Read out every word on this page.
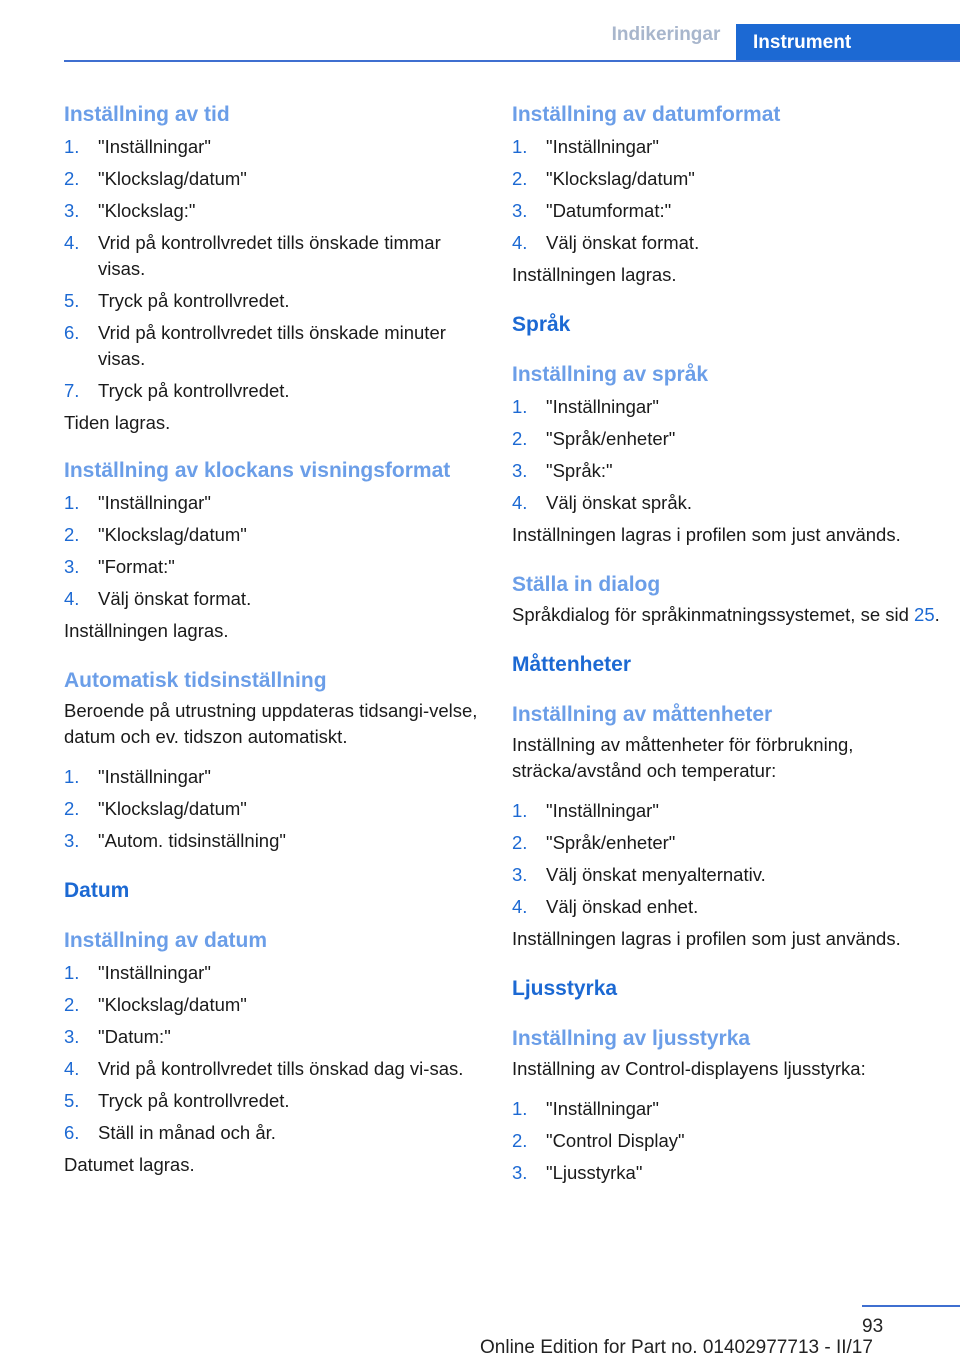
Indikeringar	Instrument
Inställning av tid
1.	"Inställningar"
2.	"Klockslag/datum"
3.	"Klockslag:"
4.	Vrid på kontrollvredet tills önskade timmar visas.
5.	Tryck på kontrollvredet.
6.	Vrid på kontrollvredet tills önskade minuter visas.
7.	Tryck på kontrollvredet.
Tiden lagras.
Inställning av klockans visningsformat
1.	"Inställningar"
2.	"Klockslag/datum"
3.	"Format:"
4.	Välj önskat format.
Inställningen lagras.
Automatisk tidsinställning
Beroende på utrustning uppdateras tidsangi‐velse, datum och ev. tidszon automatiskt.
1.	"Inställningar"
2.	"Klockslag/datum"
3.	"Autom. tidsinställning"
Datum
Inställning av datum
1.	"Inställningar"
2.	"Klockslag/datum"
3.	"Datum:"
4.	Vrid på kontrollvredet tills önskad dag vi‐sas.
5.	Tryck på kontrollvredet.
6.	Ställ in månad och år.
Datumet lagras.
Inställning av datumformat
1.	"Inställningar"
2.	"Klockslag/datum"
3.	"Datumformat:"
4.	Välj önskat format.
Inställningen lagras.
Språk
Inställning av språk
1.	"Inställningar"
2.	"Språk/enheter"
3.	"Språk:"
4.	Välj önskat språk.
Inställningen lagras i profilen som just används.
Ställa in dialog
Språkdialog för språkinmatningssystemet, se sid 25.
Måttenheter
Inställning av måttenheter
Inställning av måttenheter för förbrukning, sträcka/avstånd och temperatur:
1.	"Inställningar"
2.	"Språk/enheter"
3.	Välj önskat menyalternativ.
4.	Välj önskad enhet.
Inställningen lagras i profilen som just används.
Ljusstyrka
Inställning av ljusstyrka
Inställning av Control-displayens ljusstyrka:
1.	"Inställningar"
2.	"Control Display"
3.	"Ljusstyrka"
93
Online Edition for Part no. 01402977713 - II/17
